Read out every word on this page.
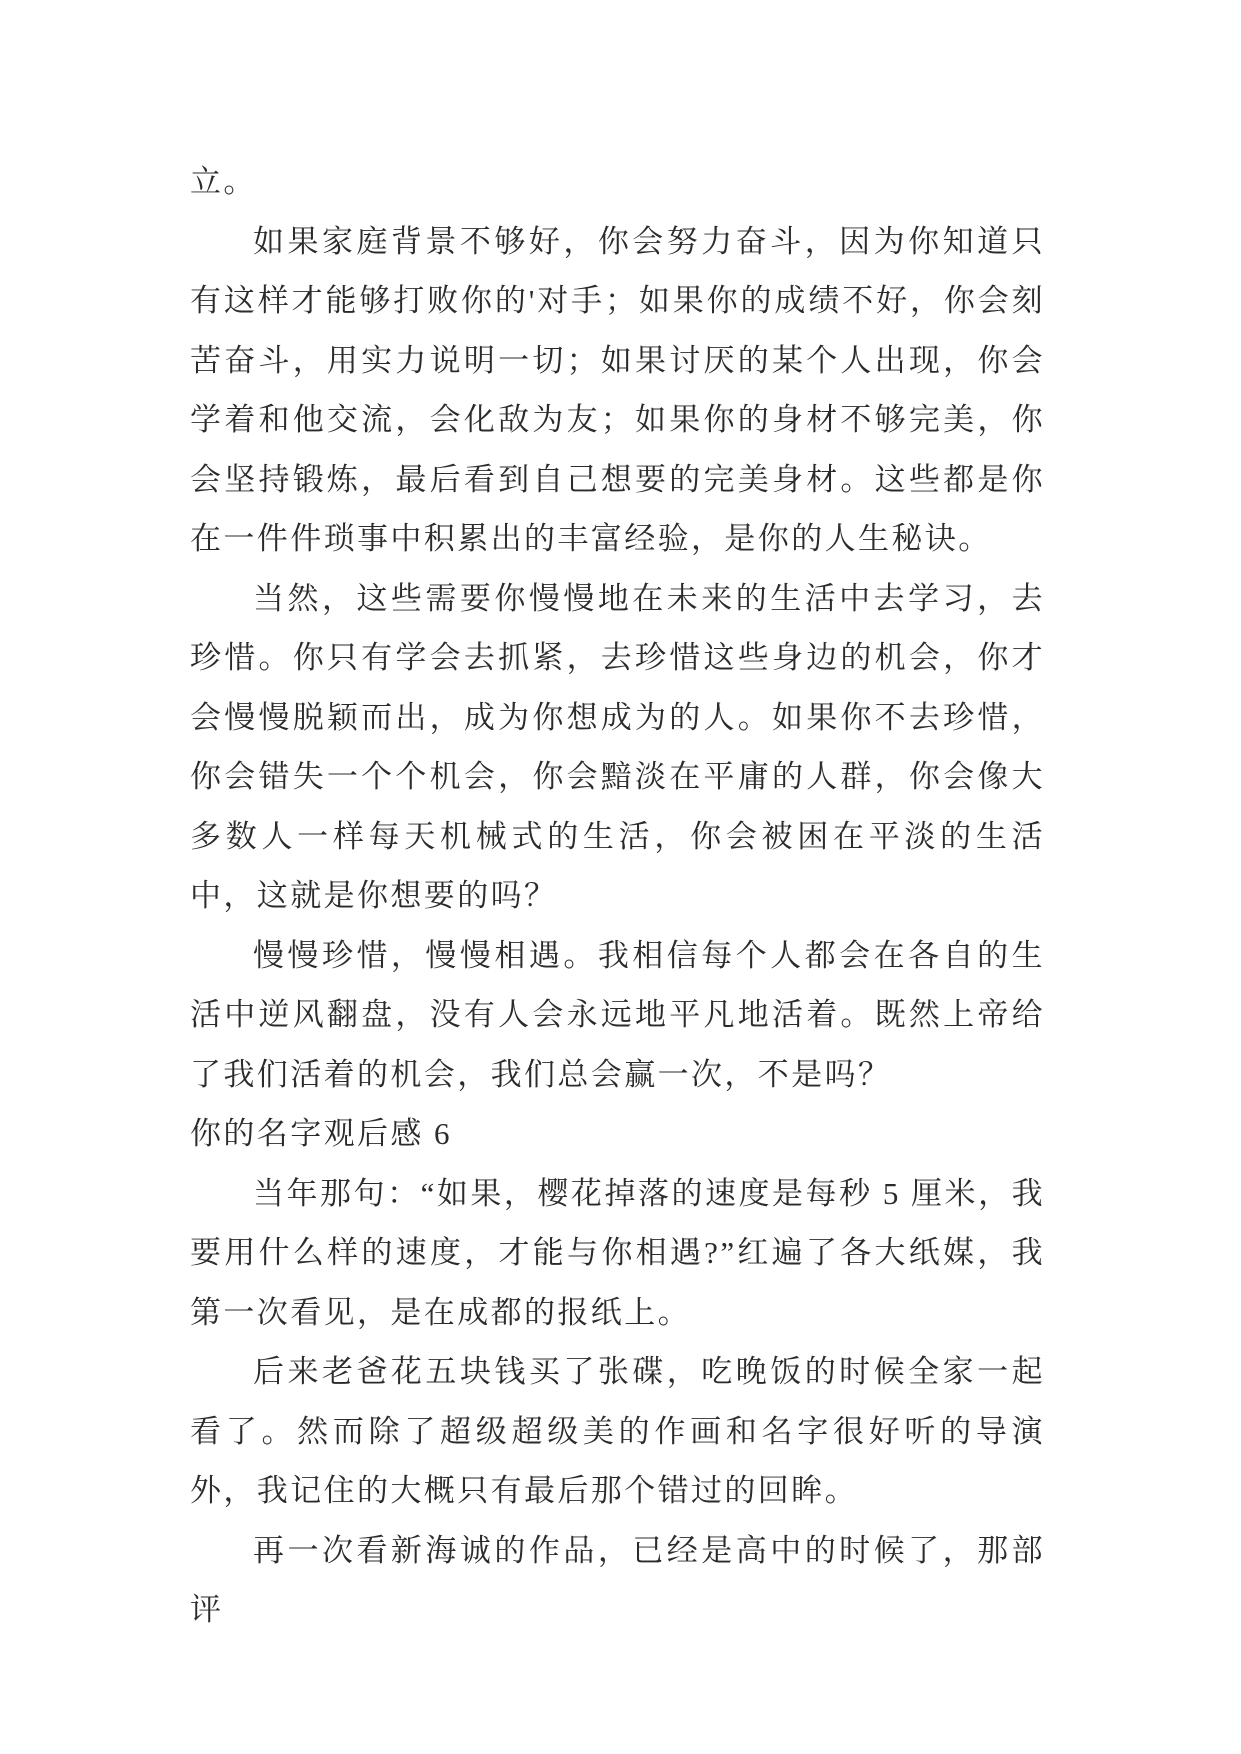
立。

如果家庭背景不够好，你会努力奋斗，因为你知道只有这样才能够打败你的'对手；如果你的成绩不好，你会刻苦奋斗，用实力说明一切；如果讨厌的某个人出现，你会学着和他交流，会化敌为友；如果你的身材不够完美，你会坚持锻炼，最后看到自己想要的完美身材。这些都是你在一件件琐事中积累出的丰富经验，是你的人生秘诀。

当然，这些需要你慢慢地在未来的生活中去学习，去珍惜。你只有学会去抓紧，去珍惜这些身边的机会，你才会慢慢脱颖而出，成为你想成为的人。如果你不去珍惜，你会错失一个个机会，你会黯淡在平庸的人群，你会像大多数人一样每天机械式的生活，你会被困在平淡的生活中，这就是你想要的吗？

慢慢珍惜，慢慢相遇。我相信每个人都会在各自的生活中逆风翻盘，没有人会永远地平凡地活着。既然上帝给了我们活着的机会，我们总会赢一次，不是吗？

你的名字观后感 6

当年那句：“如果，樱花掉落的速度是每秒 5 厘米，我要用什么样的速度，才能与你相遇?”红遍了各大纸媒，我第一次看见，是在成都的报纸上。

后来老爸花五块钱买了张碟，吃晚饭的时候全家一起看了。然而除了超级超级美的作画和名字很好听的导演外，我记住的大概只有最后那个错过的回眸。

再一次看新海诚的作品，已经是高中的时候了，那部评
